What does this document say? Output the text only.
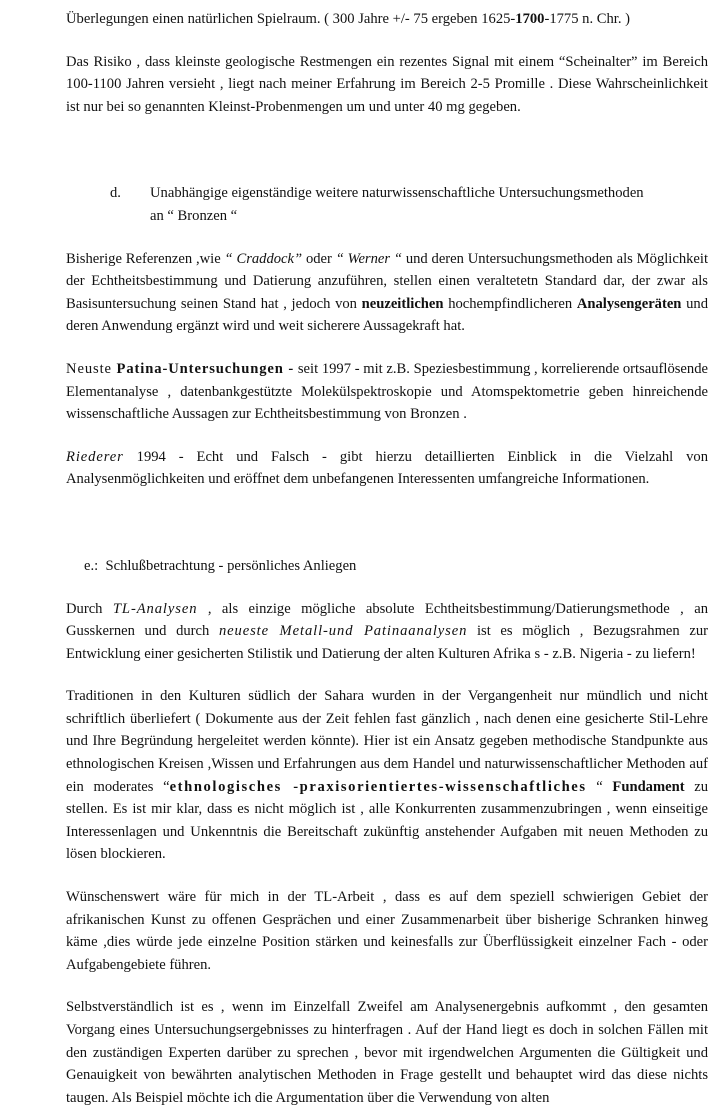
Überlegungen einen natürlichen Spielraum. ( 300 Jahre +/- 75 ergeben 1625-1700-1775 n. Chr. )

Das Risiko , dass kleinste geologische Restmengen ein rezentes Signal mit einem “Scheinalter” im Bereich 100-1100 Jahren versieht , liegt nach meiner Erfahrung im Bereich 2-5 Promille . Diese Wahrscheinlichkeit ist nur bei so genannten Kleinst-Probenmengen um und unter 40 mg gegeben.

d. Unabhängige eigenständige weitere naturwissenschaftliche Untersuchungsmethoden
an “ Bronzen “

Bisherige Referenzen ,wie “ Craddock” oder “ Werner “ und deren Untersuchungsmethoden als Möglichkeit der Echtheitsbestimmung und Datierung anzuführen, stellen einen veraltetetn Standard dar, der zwar als Basisuntersuchung seinen Stand hat , jedoch von neuzeitlichen hochempfindlicheren Analysengeräten und deren Anwendung ergänzt wird und weit sicherere Aussagekraft hat.

Neuste Patina-Untersuchungen - seit 1997 - mit z.B. Speziesbestimmung , korrelierende ortsauflösende Elementanalyse , datenbankgestützte Molekülspektroskopie und Atomspektometrie geben hinreichende wissenschaftliche Aussagen zur Echtheitsbestimmung von Bronzen .

Riederer 1994 - Echt und Falsch - gibt hierzu detaillierten Einblick in die Vielzahl von Analysenmöglichkeiten und eröffnet dem unbefangenen Interessenten umfangreiche Informationen.

e.: Schlußbetrachtung - persönliches Anliegen

Durch TL-Analysen , als einzige mögliche absolute Echtheitsbestimmung/Datierungsmethode , an Gusskernen und durch neueste Metall-und Patinaanalysen ist es möglich , Bezugsrahmen zur Entwicklung einer gesicherten Stilistik und Datierung der alten Kulturen Afrika s - z.B. Nigeria - zu liefern!

Traditionen in den Kulturen südlich der Sahara wurden in der Vergangenheit nur mündlich und nicht schriftlich überliefert ( Dokumente aus der Zeit fehlen fast gänzlich , nach denen eine gesicherte Stil-Lehre und Ihre Begründung hergeleitet werden könnte). Hier ist ein Ansatz gegeben methodische Standpunkte aus ethnologischen Kreisen ,Wissen und Erfahrungen aus dem Handel und naturwissenschaftlicher Methoden auf ein moderates “ethnologisches -praxisorientiertes-wissenschaftliches “ Fundament zu stellen. Es ist mir klar, dass es nicht möglich ist , alle Konkurrenten zusammenzubringen , wenn einseitige Interessenlagen und Unkenntnis die Bereitschaft zukünftig anstehender Aufgaben mit neuen Methoden zu lösen blockieren.

Wünschenswert wäre für mich in der TL-Arbeit , dass es auf dem speziell schwierigen Gebiet der afrikanischen Kunst zu offenen Gesprächen und einer Zusammenarbeit über bisherige Schranken hinweg käme ,dies würde jede einzelne Position stärken und keinesfalls zur Überflüssigkeit einzelner Fach - oder Aufgabengebiete führen.

Selbstverständlich ist es , wenn im Einzelfall Zweifel am Analysenergebnis aufkommt , den gesamten Vorgang eines Untersuchungsergebnisses zu hinterfragen . Auf der Hand liegt es doch in solchen Fällen mit den zuständigen Experten darüber zu sprechen , bevor mit irgendwelchen Argumenten die Gültigkeit und Genauigkeit von bewährten analytischen Methoden in Frage gestellt und behauptet wird das diese nichts taugen. Als Beispiel möchte ich die Argumentation über die Verwendung von alten
